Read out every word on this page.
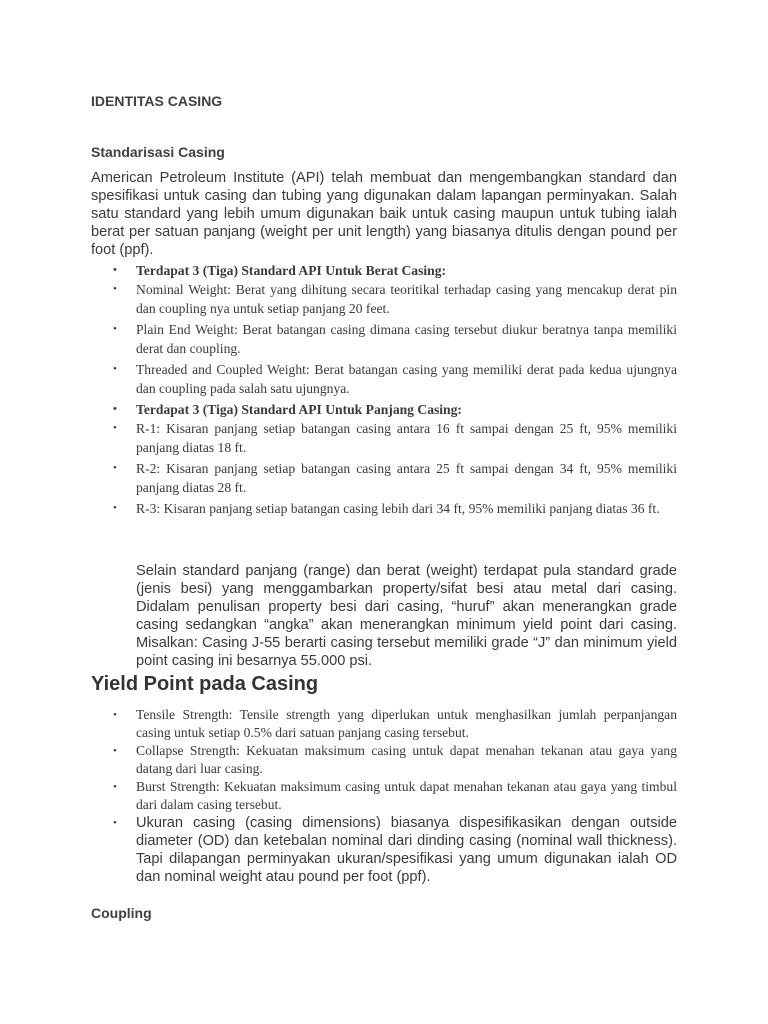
IDENTITAS CASING
Standarisasi Casing

American Petroleum Institute (API) telah membuat dan mengembangkan standard dan spesifikasi untuk casing dan tubing yang digunakan dalam lapangan perminyakan. Salah satu standard yang lebih umum digunakan baik untuk casing maupun untuk tubing ialah berat per satuan panjang (weight per unit length) yang biasanya ditulis dengan pound per foot (ppf).

• Terdapat 3 (Tiga) Standard API Untuk Berat Casing:
• Nominal Weight: Berat yang dihitung secara teoritikal terhadap casing yang mencakup derat pin dan coupling nya untuk setiap panjang 20 feet.
• Plain End Weight: Berat batangan casing dimana casing tersebut diukur beratnya tanpa memiliki derat dan coupling.
• Threaded and Coupled Weight: Berat batangan casing yang memiliki derat pada kedua ujungnya dan coupling pada salah satu ujungnya.
• Terdapat 3 (Tiga) Standard API Untuk Panjang Casing:
• R-1: Kisaran panjang setiap batangan casing antara 16 ft sampai dengan 25 ft, 95% memiliki panjang diatas 18 ft.
• R-2: Kisaran panjang setiap batangan casing antara 25 ft sampai dengan 34 ft, 95% memiliki panjang diatas 28 ft.
• R-3: Kisaran panjang setiap batangan casing lebih dari 34 ft, 95% memiliki panjang diatas 36 ft.

Selain standard panjang (range) dan berat (weight) terdapat pula standard grade (jenis besi) yang menggambarkan property/sifat besi atau metal dari casing. Didalam penulisan property besi dari casing, “huruf” akan menerangkan grade casing sedangkan “angka” akan menerangkan minimum yield point dari casing. Misalkan: Casing J-55 berarti casing tersebut memiliki grade “J” dan minimum yield point casing ini besarnya 55.000 psi.

Yield Point pada Casing
• Tensile Strength: Tensile strength yang diperlukan untuk menghasilkan jumlah perpanjangan casing untuk setiap 0.5% dari satuan panjang casing tersebut.
• Collapse Strength: Kekuatan maksimum casing untuk dapat menahan tekanan atau gaya yang datang dari luar casing.
• Burst Strength: Kekuatan maksimum casing untuk dapat menahan tekanan atau gaya yang timbul dari dalam casing tersebut.
• Ukuran casing (casing dimensions) biasanya dispesifikasikan dengan outside diameter (OD) dan ketebalan nominal dari dinding casing (nominal wall thickness). Tapi dilapangan perminyakan ukuran/spesifikasi yang umum digunakan ialah OD dan nominal weight atau pound per foot (ppf).
Coupling
